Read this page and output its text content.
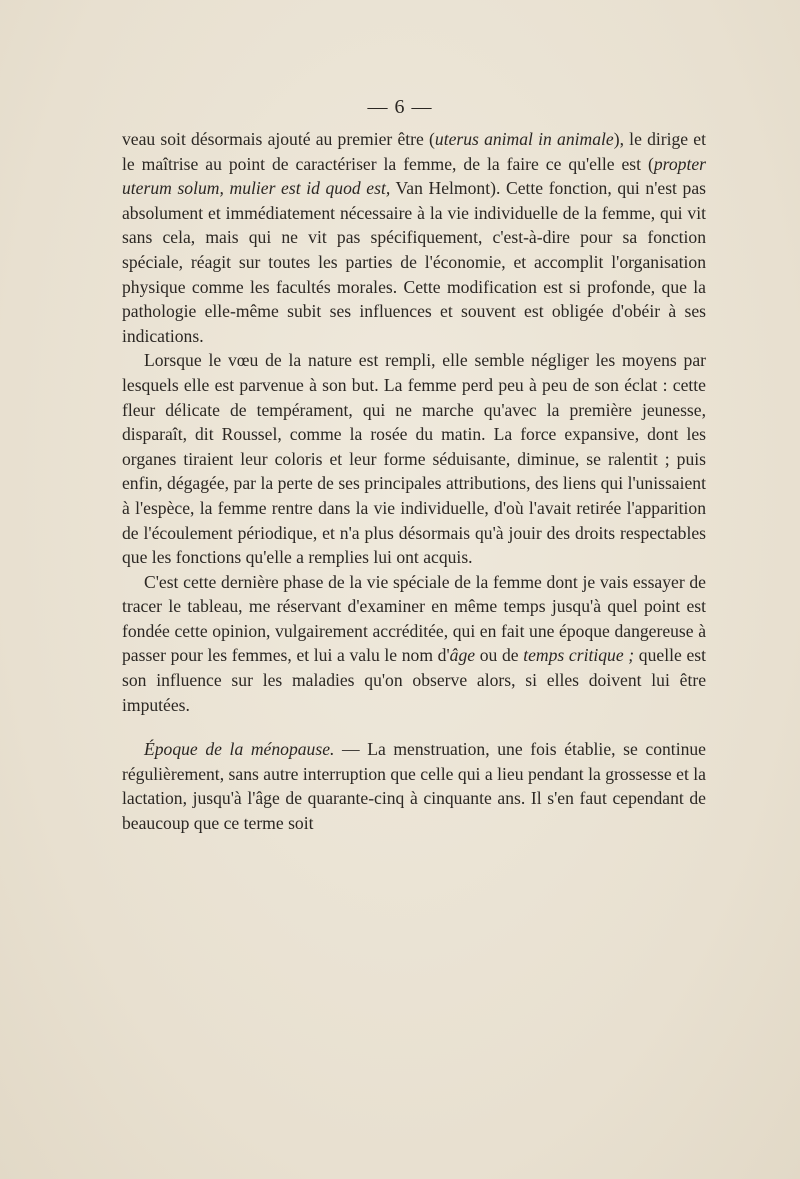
— 6 —

veau soit désormais ajouté au premier être (uterus animal in animale), le dirige et le maîtrise au point de caractériser la femme, de la faire ce qu'elle est (propter uterum solum, mulier est id quod est, Van Helmont). Cette fonction, qui n'est pas absolument et immédiatement nécessaire à la vie individuelle de la femme, qui vit sans cela, mais qui ne vit pas spécifiquement, c'est-à-dire pour sa fonction spéciale, réagit sur toutes les parties de l'économie, et accomplit l'organisation physique comme les facultés morales. Cette modification est si profonde, que la pathologie elle-même subit ses influences et souvent est obligée d'obéir à ses indications.

Lorsque le vœu de la nature est rempli, elle semble négliger les moyens par lesquels elle est parvenue à son but. La femme perd peu à peu de son éclat : cette fleur délicate de tempérament, qui ne marche qu'avec la première jeunesse, disparaît, dit Roussel, comme la rosée du matin. La force expansive, dont les organes tiraient leur coloris et leur forme séduisante, diminue, se ralentit ; puis enfin, dégagée, par la perte de ses principales attributions, des liens qui l'unissaient à l'espèce, la femme rentre dans la vie individuelle, d'où l'avait retirée l'apparition de l'écoulement périodique, et n'a plus désormais qu'à jouir des droits respectables que les fonctions qu'elle a remplies lui ont acquis.

C'est cette dernière phase de la vie spéciale de la femme dont je vais essayer de tracer le tableau, me réservant d'examiner en même temps jusqu'à quel point est fondée cette opinion, vulgairement accréditée, qui en fait une époque dangereuse à passer pour les femmes, et lui a valu le nom d'âge ou de temps critique ; quelle est son influence sur les maladies qu'on observe alors, si elles doivent lui être imputées.

Époque de la ménopause. — La menstruation, une fois établie, se continue régulièrement, sans autre interruption que celle qui a lieu pendant la grossesse et la lactation, jusqu'à l'âge de quarante-cinq à cinquante ans. Il s'en faut cependant de beaucoup que ce terme soit
